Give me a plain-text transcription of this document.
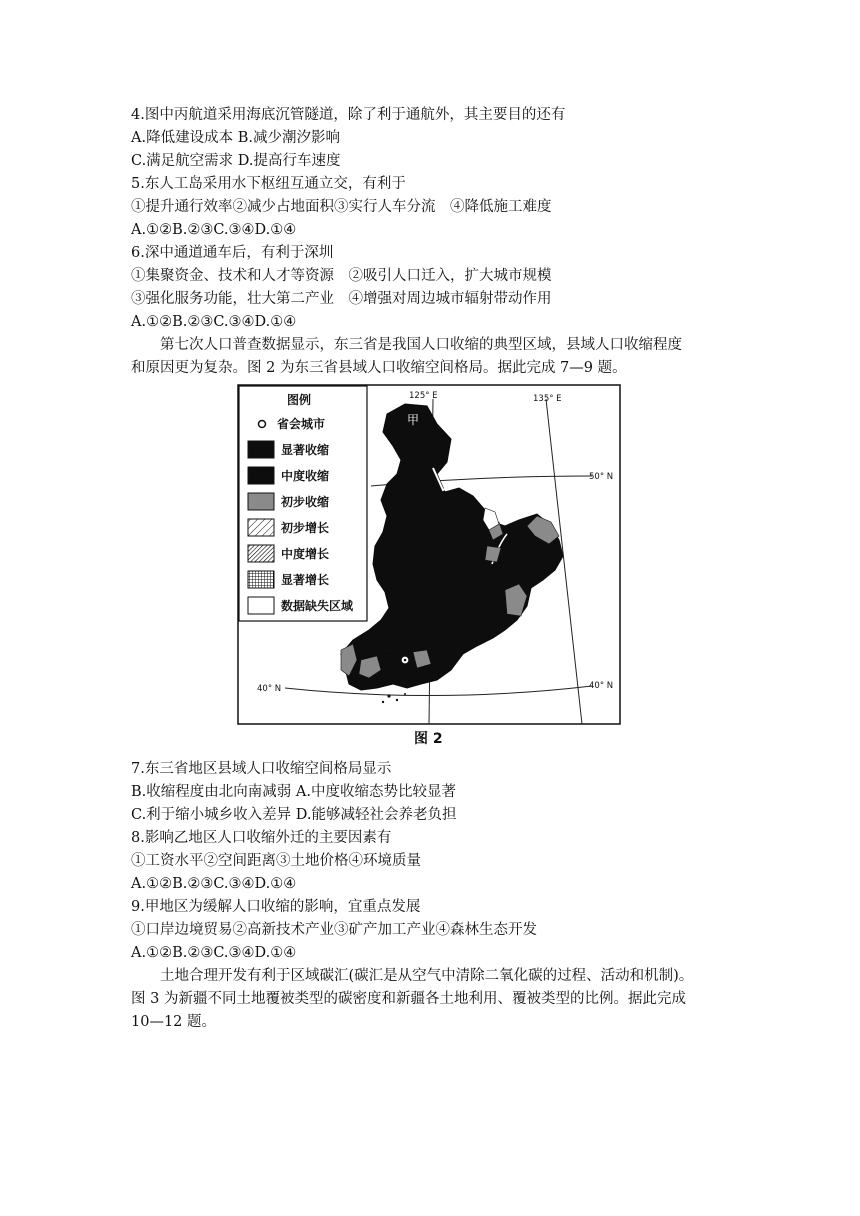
4.图中丙航道采用海底沉管隧道，除了利于通航外，其主要目的还有
A.降低建设成本 B.减少潮汐影响
C.满足航空需求 D.提高行车速度
5.东人工岛采用水下枢纽互通立交，有利于
①提升通行效率②减少占地面积③实行人车分流　④降低施工难度
A.①②B.②③C.③④D.①④
6.深中通道通车后，有利于深圳
①集聚资金、技术和人才等资源　②吸引人口迁入，扩大城市规模
③强化服务功能，壮大第二产业　④增强对周边城市辐射带动作用
A.①②B.②③C.③④D.①④
第七次人口普查数据显示，东三省是我国人口收缩的典型区域，县域人口收缩程度
和原因更为复杂。图 2 为东三省县域人口收缩空间格局。据此完成 7—9 题。
125° E	135° E
50° N
40° N	40° N
甲
乙
图例
省会城市
显著收缩
中度收缩
初步收缩
初步增长
中度增长
显著增长
数据缺失区域
图 2
7.东三省地区县域人口收缩空间格局显示
B.收缩程度由北向南减弱 A.中度收缩态势比较显著
C.利于缩小城乡收入差异 D.能够减轻社会养老负担
8.影响乙地区人口收缩外迁的主要因素有
①工资水平②空间距离③土地价格④环境质量
A.①②B.②③C.③④D.①④
9.甲地区为缓解人口收缩的影响，宜重点发展
①口岸边境贸易②高新技术产业③矿产加工产业④森林生态开发
A.①②B.②③C.③④D.①④
土地合理开发有利于区域碳汇(碳汇是从空气中清除二氧化碳的过程、活动和机制)。
图 3 为新疆不同土地覆被类型的碳密度和新疆各土地利用、覆被类型的比例。据此完成
10—12 题。
